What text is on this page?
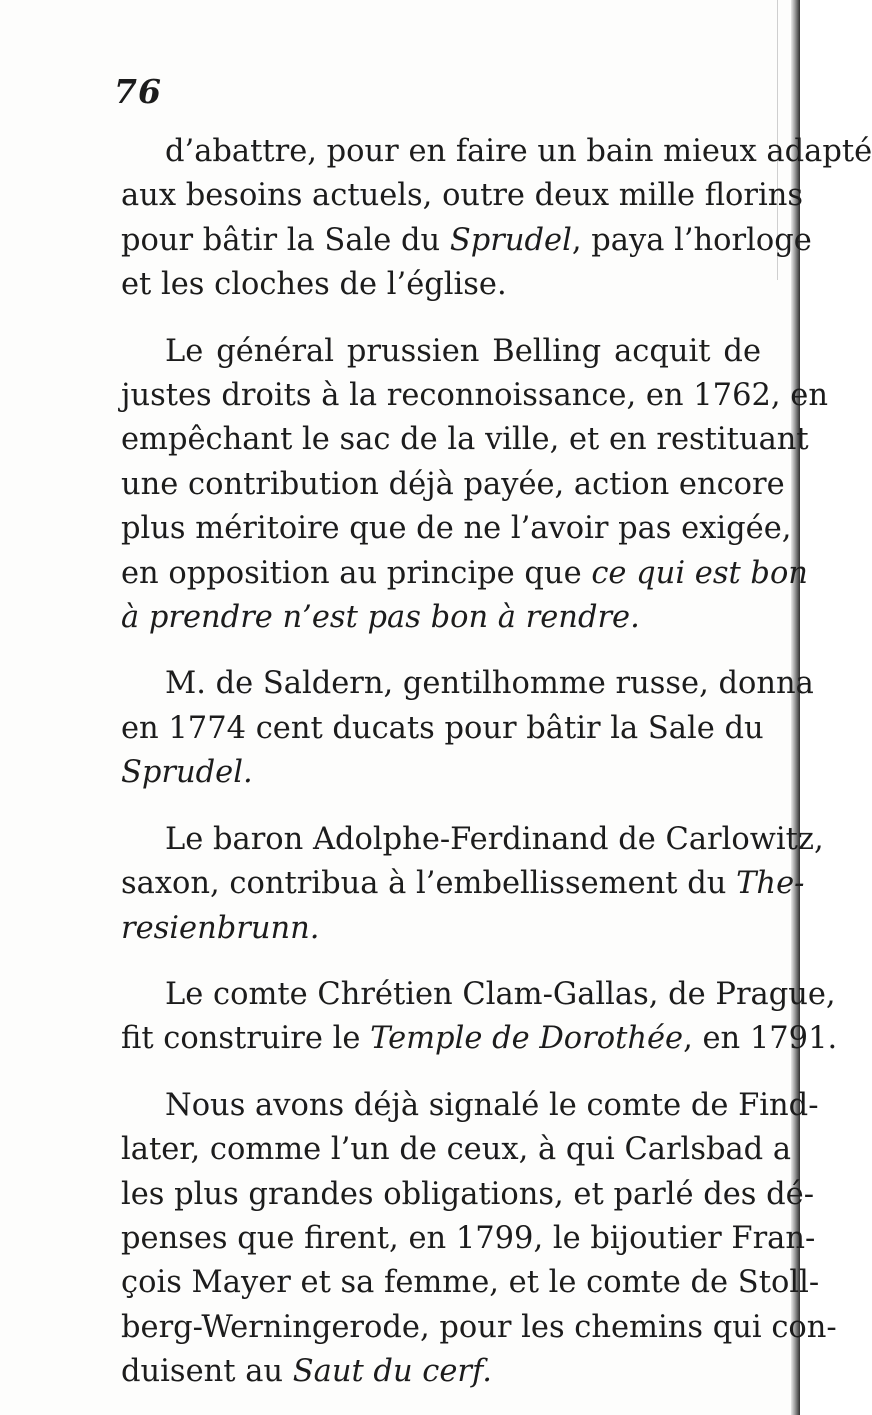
76
d’abattre, pour en faire un bain mieux adapté
aux besoins actuels, outre deux mille florins
pour bâtir la Sale du Sprudel, paya l’horloge
et les cloches de l’église.
Le général prussien Belling acquit de
justes droits à la reconnoissance, en 1762, en
empêchant le sac de la ville, et en restituant
une contribution déjà payée, action encore
plus méritoire que de ne l’avoir pas exigée,
en opposition au principe que ce qui est bon
à prendre n’est pas bon à rendre.
M. de Saldern, gentilhomme russe, donna
en 1774 cent ducats pour bâtir la Sale du
Sprudel.
Le baron Adolphe-Ferdinand de Carlowitz,
saxon, contribua à l’embellissement du The-
resienbrunn.
Le comte Chrétien Clam-Gallas, de Prague,
fit construire le Temple de Dorothée, en 1791.
Nous avons déjà signalé le comte de Find-
later, comme l’un de ceux, à qui Carlsbad a
les plus grandes obligations, et parlé des dé-
penses que firent, en 1799, le bijoutier Fran-
çois Mayer et sa femme, et le comte de Stoll-
berg-Werningerode, pour les chemins qui con-
duisent au Saut du cerf.
